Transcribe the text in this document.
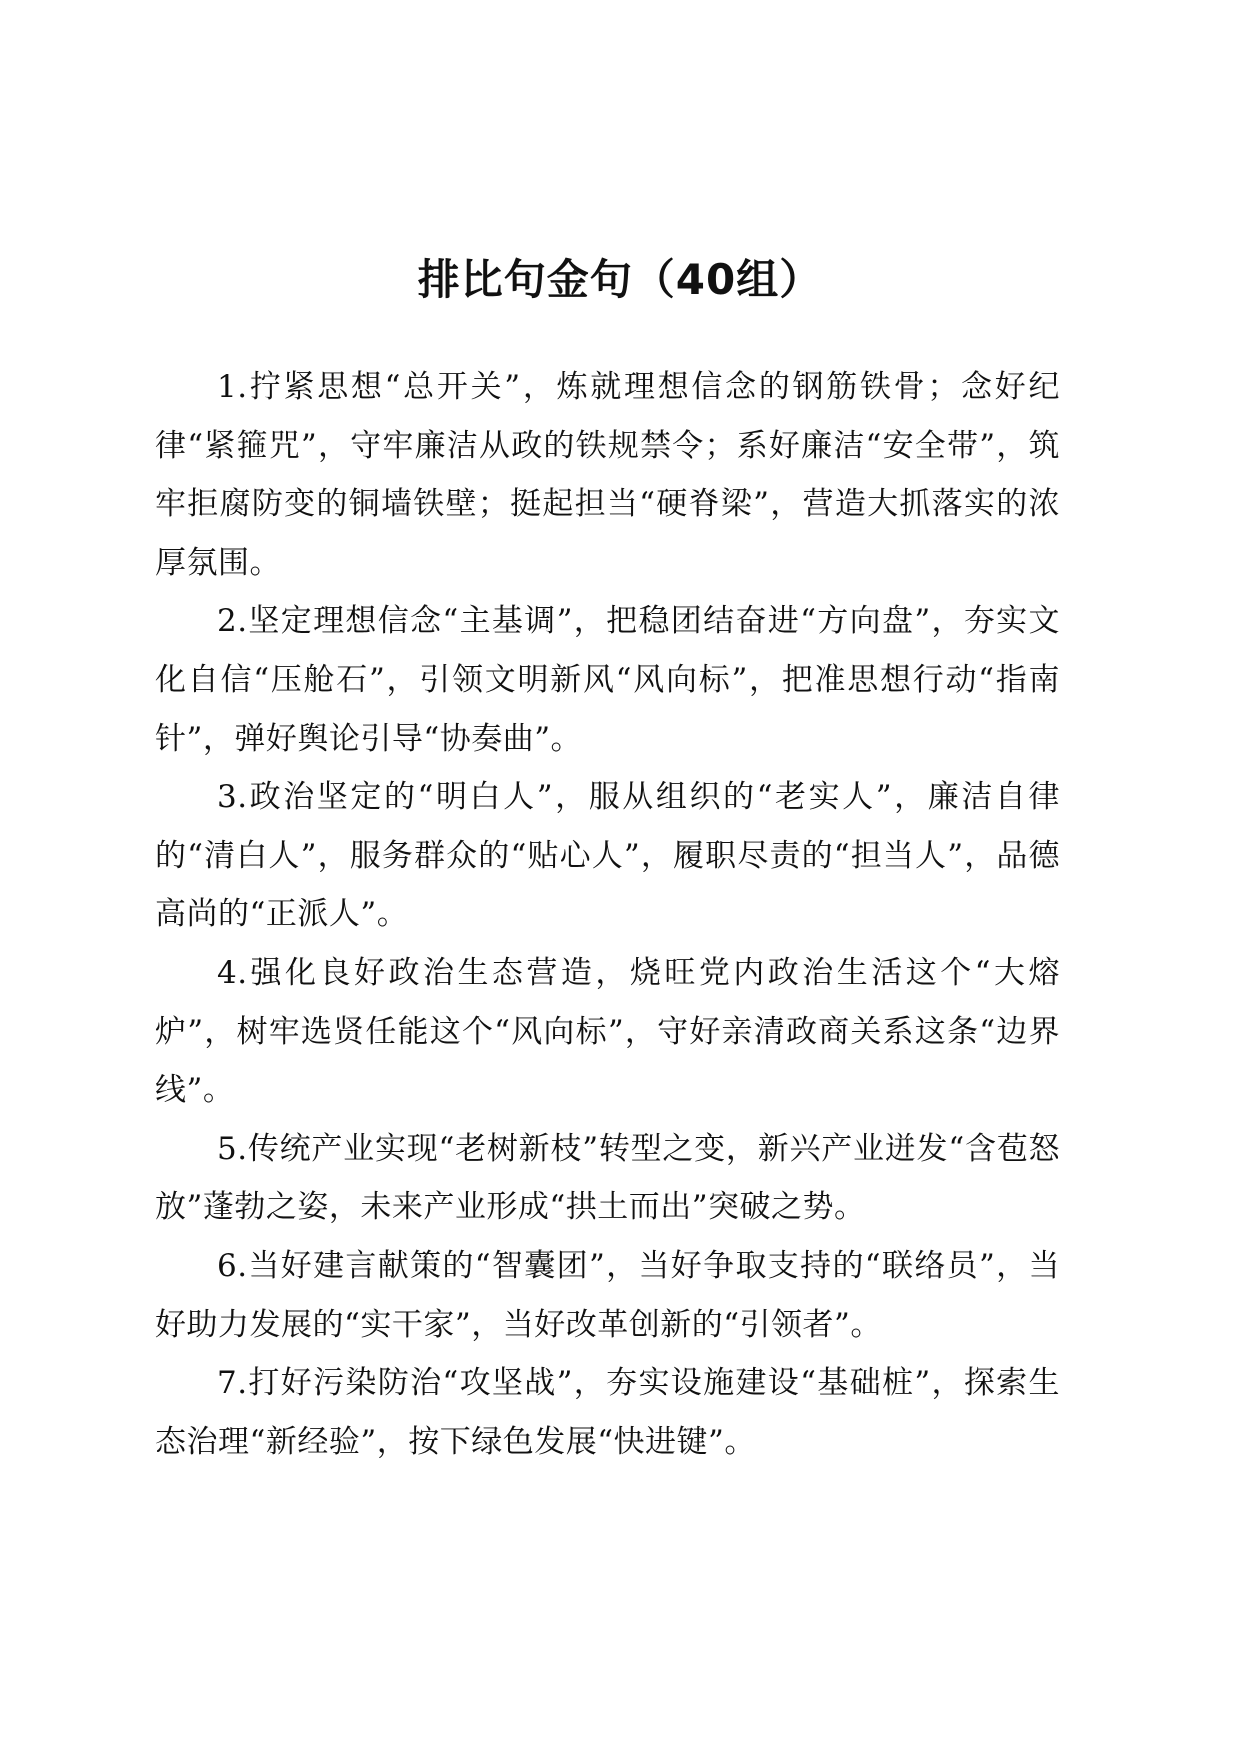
排比句金句（40组）

1.拧紧思想“总开关”，炼就理想信念的钢筋铁骨；念好纪律“紧箍咒”，守牢廉洁从政的铁规禁令；系好廉洁“安全带”，筑牢拒腐防变的铜墙铁壁；挺起担当“硬脊梁”，营造大抓落实的浓厚氛围。

2.坚定理想信念“主基调”，把稳团结奋进“方向盘”，夯实文化自信“压舱石”，引领文明新风“风向标”，把准思想行动“指南针”，弹好舆论引导“协奏曲”。

3.政治坚定的“明白人”，服从组织的“老实人”，廉洁自律的“清白人”，服务群众的“贴心人”，履职尽责的“担当人”，品德高尚的“正派人”。

4.强化良好政治生态营造，烧旺党内政治生活这个“大熔炉”，树牢选贤任能这个“风向标”，守好亲清政商关系这条“边界线”。

5.传统产业实现“老树新枝”转型之变，新兴产业迸发“含苞怒放”蓬勃之姿，未来产业形成“拱土而出”突破之势。

6.当好建言献策的“智囊团”，当好争取支持的“联络员”，当好助力发展的“实干家”，当好改革创新的“引领者”。

7.打好污染防治“攻坚战”，夯实设施建设“基础桩”，探索生态治理“新经验”，按下绿色发展“快进键”。
